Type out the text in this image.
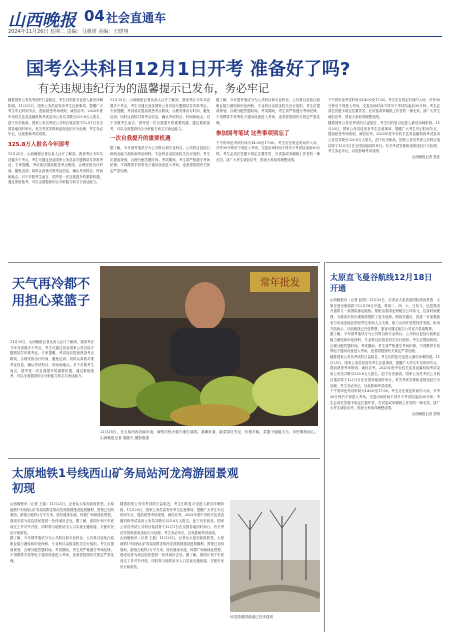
山西晚报 04 社会直通车
2024年11月26日 星期二 责编：马雅妍 美编：王晓翔
国考公共科目12月1日开考 准备好了吗?
有关违规违纪行为的温馨提示已发布，务必牢记
随着国家公务员考试的日益临近，考生们的复习也进入最后冲刺阶段。11月25日，国家公务员局发布考生注意事项，提醒广大考生牢记时间节点，提前熟悉考场规则，诚信应考。2025年度中央机关及其直属机构考试录用公务员共吸引325.8万人报名，创下历史新高。国家公务员考试公共科目笔试将于12月1日在全国各地同时举行。有关考试安排和违规违纪行为处理，考生务必牢记，以免影响考试成绩。
325.8万人报名今年国考
11月25日，山西晚报记者从省人社厅了解到，我省考区今年共设置多个考点，考生可通过登录国家公务员局专题网站打印准考证。专家提醒，考试前应提前熟悉考点路线，合理安排出行时间，避免迟到；同时认真核对准考证信息，确认考试科目、时间和地点。对于多数考生而言，国考是一次自我提升的重要机遇，通过系统备考，可以全面提高综合分析能力和文字表达能力。
11月25日，山西晚报记者从省人社厅了解到，我省考区今年共设置多个考点，考生可通过登录国家公务员局专题网站打印准考证。专家提醒，考试前应提前熟悉考点路线，合理安排出行时间，避免迟到；同时认真核对准考证信息，确认考试科目、时间和地点。对于多数考生而言，国考是一次自我提升的重要机遇，通过系统备考，可以全面提高综合分析能力和文字表达能力。
一次自我提升的重要机遇
据了解，今年国考笔试分为公共科目和专业科目。公共科目包括行政职业能力测验和申论两科，专业科目由招录机关自行组织。考生应提前规划，合理分配答题时间。考试期间，考生须严格遵守考场纪律，不得携带手机等电子通讯设备进入考场，违者将按照有关规定严肃处理。
据了解，今年国考笔试分为公共科目和专业科目。公共科目包括行政职业能力测验和申论两科，专业科目由招录机关自行组织。考生应提前规划，合理分配答题时间。考试期间，考生须严格遵守考场纪律，不得携带手机等电子通讯设备进入考场，违者将按照有关规定严肃处理。
参加国考笔试 这些事项别忘了
下午的申论考试时间为14:00至17:00。考生应在规定时间内入场，开考30分钟后不得进入考场，交卷出场时间不得早于考试结束前30分钟。考生必须在答题卡规定位置作答，在试卷或草稿纸上作答的一律无效。请广大考生诚信应考，预祝大家取得理想成绩。
下午的申论考试时间为14:00至17:00。考生应在规定时间内入场，开考30分钟后不得进入考场，交卷出场时间不得早于考试结束前30分钟。考生必须在答题卡规定位置作答，在试卷或草稿纸上作答的一律无效。请广大考生诚信应考，预祝大家取得理想成绩。
随着国家公务员考试的日益临近，考生们的复习也进入最后冲刺阶段。11月25日，国家公务员局发布考生注意事项，提醒广大考生牢记时间节点，提前熟悉考场规则，诚信应考。2025年度中央机关及其直属机构考试录用公务员共吸引325.8万人报名，创下历史新高。国家公务员考试公共科目笔试将于12月1日在全国各地同时举行。有关考试安排和违规违纪行为处理，考生务必牢记，以免影响考试成绩。
山西晚报记者 张佳
天气再冷都不用担心菜篮子
常年批发
11月25日，在太原河西农副市场，商贩们热火朝天地忙碌着。寒潮来袭，蔬菜供应充足，价格平稳，菜篮子稳稳当当，市民购物放心。 山西晚报记者 胡继兴 摄影报道
11月25日，山西晚报记者从省人社厅了解到，我省考区今年共设置多个考点，考生可通过登录国家公务员局专题网站打印准考证。专家提醒，考试前应提前熟悉考点路线，合理安排出行时间，避免迟到；同时认真核对准考证信息，确认考试科目、时间和地点。对于多数考生而言，国考是一次自我提升的重要机遇，通过系统备考，可以全面提高综合分析能力和文字表达能力。
太原直飞曼谷航线12月18日开通
山西晚报讯（记者 赵明）11月25日，记者从太原武宿国际机场获悉，太原至曼谷航线将于12月18日开通，每周二、四、六、日执飞，这是我省开通的又一条国际客运航线。航班由泰国亚洲航空公司执飞，往返时间便捷，为我省市民出境旅游提供了更多选择。航线开通后，将进一步加强我省与东南亚地区的经贸往来和人文交流，助力山西开放型经济发展。机场方面表示，目前航线已开放售票，旅客可通过航空公司官方渠道购票。
据了解，今年国考笔试分为公共科目和专业科目。公共科目包括行政职业能力测验和申论两科，专业科目由招录机关自行组织。考生应提前规划，合理分配答题时间。考试期间，考生须严格遵守考场纪律，不得携带手机等电子通讯设备进入考场，违者将按照有关规定严肃处理。
随着国家公务员考试的日益临近，考生们的复习也进入最后冲刺阶段。11月25日，国家公务员局发布考生注意事项，提醒广大考生牢记时间节点，提前熟悉考场规则，诚信应考。2025年度中央机关及其直属机构考试录用公务员共吸引325.8万人报名，创下历史新高。国家公务员考试公共科目笔试将于12月1日在全国各地同时举行。有关考试安排和违规违纪行为处理，考生务必牢记，以免影响考试成绩。
下午的申论考试时间为14:00至17:00。考生应在规定时间内入场，开考30分钟后不得进入考场，交卷出场时间不得早于考试结束前30分钟。考生必须在答题卡规定位置作答，在试卷或草稿纸上作答的一律无效。请广大考生诚信应考，预祝大家取得理想成绩。
山西晚报记者 张明
太原地铁1号线西山矿务局站河龙湾游园景观初现
山西晚报讯（记者 王磊）11月25日，记者从太原市政府获悉，太原地铁1号线西山矿务局站附近的河龙湾游园建设进展顺利，景观已初具雏形。游园占地约2万平方米，设有健身步道、休憩广场和绿化景观，建成后将为周边居民提供一处休闲好去处。据了解，游园计划于年底前完工并对外开放，同时将与地铁站出入口实现无缝衔接，方便市民出行和游览。
据了解，今年国考笔试分为公共科目和专业科目。公共科目包括行政职业能力测验和申论两科，专业科目由招录机关自行组织。考生应提前规划，合理分配答题时间。考试期间，考生须严格遵守考场纪律，不得携带手机等电子通讯设备进入考场，违者将按照有关规定严肃处理。
随着国家公务员考试的日益临近，考生们的复习也进入最后冲刺阶段。11月25日，国家公务员局发布考生注意事项，提醒广大考生牢记时间节点，提前熟悉考场规则，诚信应考。2025年度中央机关及其直属机构考试录用公务员共吸引325.8万人报名，创下历史新高。国家公务员考试公共科目笔试将于12月1日在全国各地同时举行。有关考试安排和违规违纪行为处理，考生务必牢记，以免影响考试成绩。
山西晚报讯（记者 王磊）11月25日，记者从太原市政府获悉，太原地铁1号线西山矿务局站附近的河龙湾游园建设进展顺利，景观已初具雏形。游园占地约2万平方米，设有健身步道、休憩广场和绿化景观，建成后将为周边居民提供一处休闲好去处。据了解，游园计划于年底前完工并对外开放，同时将与地铁站出入口实现无缝衔接，方便市民出行和游览。
河龙湾游园绿道已初步建成
